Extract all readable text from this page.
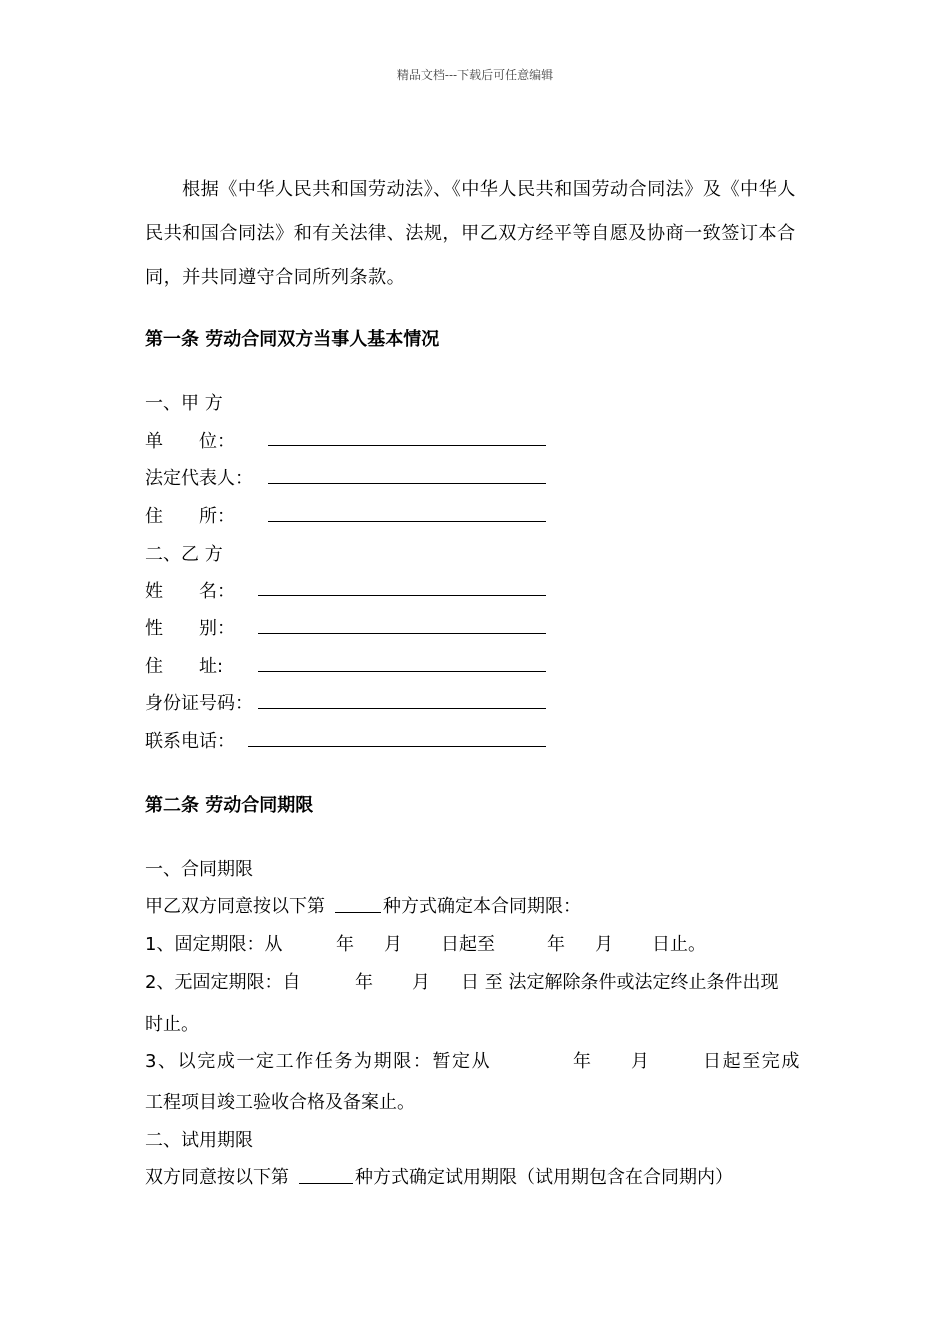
精品文档---下载后可任意编辑
根据《中华人民共和国劳动法》、《中华人民共和国劳动合同法》及《中华人民共和国合同法》和有关法律、法规，甲乙双方经平等自愿及协商一致签订本合同，并共同遵守合同所列条款。
第一条 劳动合同双方当事人基本情况
一、甲 方
单　　位：
法定代表人：
住　　所：
二、乙 方
姓　　名：
性　　别：
住　　址:
身份证号码：
联系电话：
第二条 劳动合同期限
一、合同期限
甲乙双方同意按以下第	种方式确定本合同期限：
1、固定期限：从	年 月 日起至	年 月 日止。
2、无固定期限：自	年 月 日 至 法定解除条件或法定终止条件出现
时止。
3、以完成一定工作任务为期限：暂定从	年 月	日起至完成
工程项目竣工验收合格及备案止。
二、试用期限
双方同意按以下第	种方式确定试用期限（试用期包含在合同期内）
